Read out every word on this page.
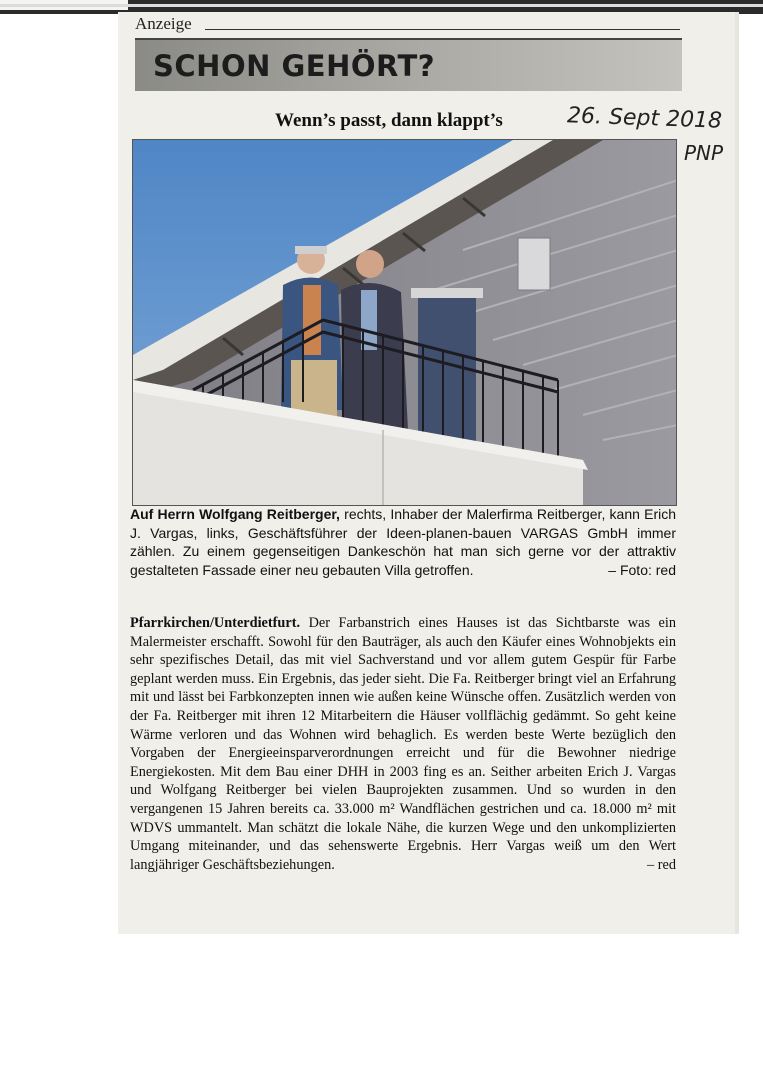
Anzeige
SCHON GEHÖRT?
Wenn’s passt, dann klappt’s	26. Sept 2018
PNP
Auf Herrn Wolfgang Reitberger, rechts, Inhaber der Malerfirma Reitberger, kann Erich J. Vargas, links, Geschäftsführer der Ideen-planen-bauen VARGAS GmbH immer zählen. Zu einem gegenseitigen Dankeschön hat man sich gerne vor der attraktiv gestalteten Fassade einer neu gebauten Villa getroffen.	– Foto: red
Pfarrkirchen/Unterdietfurt. Der Farbanstrich eines Hauses ist das Sichtbarste was ein Malermeister erschafft. Sowohl für den Bauträger, als auch den Käufer eines Wohnobjekts ein sehr spezifisches Detail, das mit viel Sachverstand und vor allem gutem Gespür für Farbe geplant werden muss. Ein Ergebnis, das jeder sieht. Die Fa. Reitberger bringt viel an Erfahrung mit und lässt bei Farbkonzepten innen wie außen keine Wünsche offen. Zusätzlich werden von der Fa. Reitberger mit ihren 12 Mitarbeitern die Häuser vollflächig gedämmt. So geht keine Wärme verloren und das Wohnen wird behaglich. Es werden beste Werte bezüglich den Vorgaben der Energieeinsparverordnungen erreicht und für die Bewohner niedrige Energiekosten. Mit dem Bau einer DHH in 2003 fing es an. Seither arbeiten Erich J. Vargas und Wolfgang Reitberger bei vielen Bauprojekten zusammen. Und so wurden in den vergangenen 15 Jahren bereits ca. 33.000 m² Wandflächen gestrichen und ca. 18.000 m² mit WDVS ummantelt. Man schätzt die lokale Nähe, die kurzen Wege und den unkomplizierten Umgang miteinander, und das sehenswerte Ergebnis. Herr Vargas weiß um den Wert langjähriger Geschäftsbeziehungen.	– red
